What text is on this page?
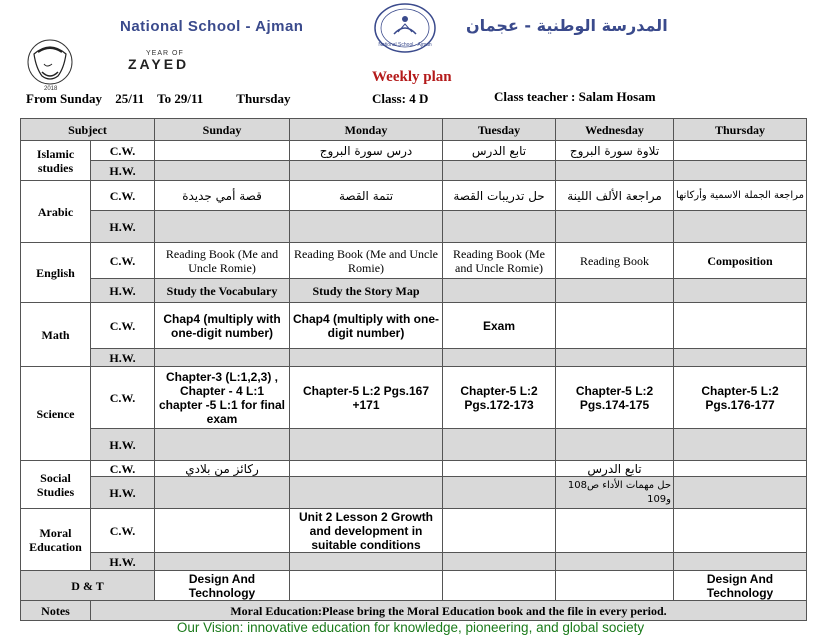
National School - Ajman
National School - Ajman
المدرسة الوطنية - عجمان
YEAR OF
ZAYED
2018
Weekly plan
From Sunday 25/11 To 29/11	Thursday	Class: 4 D	Class teacher : Salam Hosam
Subject		Sunday	Monday	Tuesday	Wednesday	Thursday
Islamic studies	C.W.		درس سورة البروج	تابع الدرس	تلاوة سورة البروج	
	H.W.					
Arabic	C.W.	قصة أمي جديدة	تتمة القصة	حل تدريبات القصة	مراجعة الألف اللينة	مراجعة الجملة الاسمية وأركانها
	H.W.					
English	C.W.	Reading Book (Me and Uncle Romie)	Reading Book (Me and Uncle Romie)	Reading Book (Me and Uncle Romie)	Reading Book	Composition
	H.W.	Study the Vocabulary	Study the Story Map			
Math	C.W.	Chap4 (multiply with one-digit number)	Chap4 (multiply with one-digit number)	Exam		
	H.W.					
Science	C.W.	Chapter-3 (L:1,2,3) , Chapter - 4 L:1 chapter -5 L:1 for final exam	Chapter-5 L:2 Pgs.167 +171	Chapter-5 L:2 Pgs.172-173	Chapter-5 L:2 Pgs.174-175	Chapter-5 L:2 Pgs.176-177
	H.W.					
Social Studies	C.W.	ركائز من بلادي			تابع الدرس	
	H.W.				حل مهمات الأداء ص108 و109	
Moral Education	C.W.		Unit 2 Lesson 2 Growth and development in suitable conditions			
	H.W.					
D & T		Design And Technology				Design And Technology
Notes	Moral Education:Please bring the Moral Education book and the file in every period.					
Our Vision: innovative education for knowledge, pioneering, and global society
